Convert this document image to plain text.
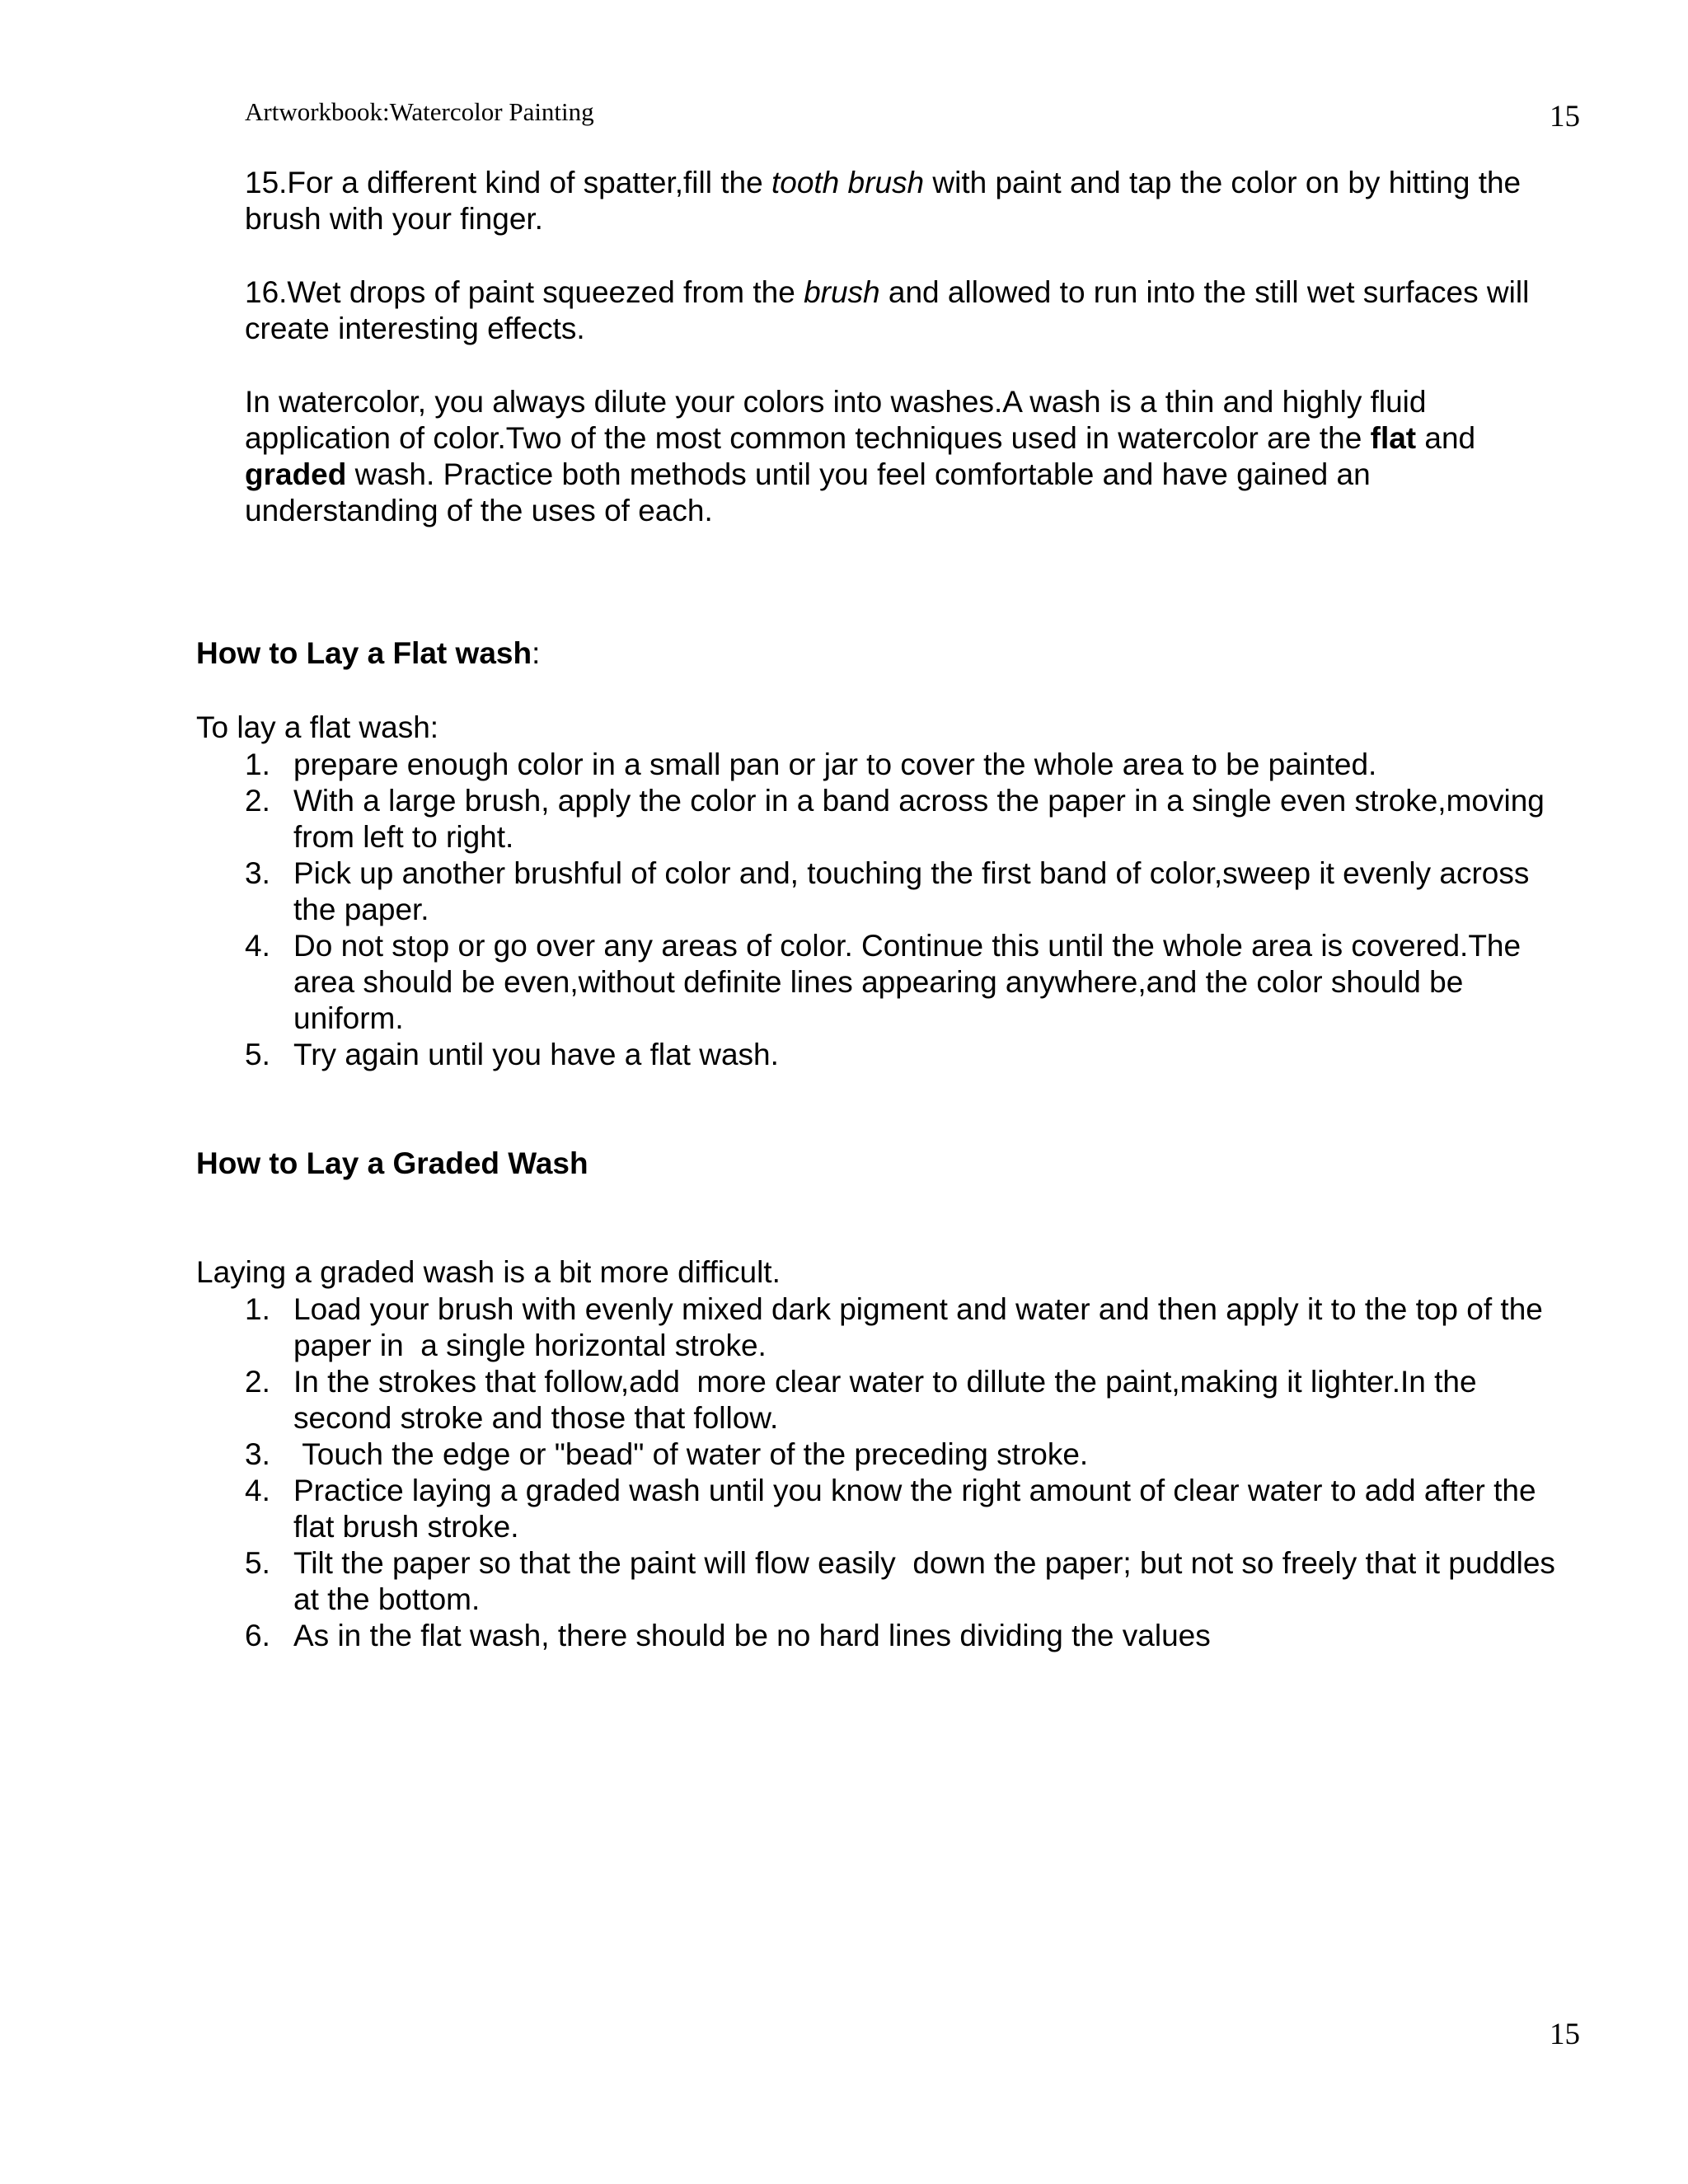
Artworkbook:Watercolor Painting	15

15.For a different kind of spatter,fill the tooth brush with paint and tap the color on by hitting the brush with your finger.

16.Wet drops of paint squeezed from the brush and allowed to run into the still wet surfaces will create interesting effects.

In watercolor, you always dilute your colors into washes.A wash is a thin and highly fluid application of color.Two of the most common techniques used in watercolor are the flat and graded wash. Practice both methods until you feel comfortable and have gained an understanding of the uses of each.

How to Lay a Flat wash:

To lay a flat wash:

1. prepare enough color in a small pan or jar to cover the whole area to be painted.
2. With a large brush, apply the color in a band across the paper in a single even stroke,moving from left to right.
3. Pick up another brushful of color and, touching the first band of color,sweep it evenly across the paper.
4. Do not stop or go over any areas of color. Continue this until the whole area is covered.The area should be even,without definite lines appearing anywhere,and the color should be uniform.
5. Try again until you have a flat wash.
How to Lay a Graded Wash

Laying a graded wash is a bit more difficult.

1. Load your brush with evenly mixed dark pigment and water and then apply it to the top of the paper in  a single horizontal stroke.
2. In the strokes that follow,add  more clear water to dillute the paint,making it lighter.In the second stroke and those that follow.
3. Touch the edge or "bead" of water of the preceding stroke.
4. Practice laying a graded wash until you know the right amount of clear water to add after the flat brush stroke.
5. Tilt the paper so that the paint will flow easily  down the paper; but not so freely that it puddles at the bottom.
6. As in the flat wash, there should be no hard lines dividing the values
15
